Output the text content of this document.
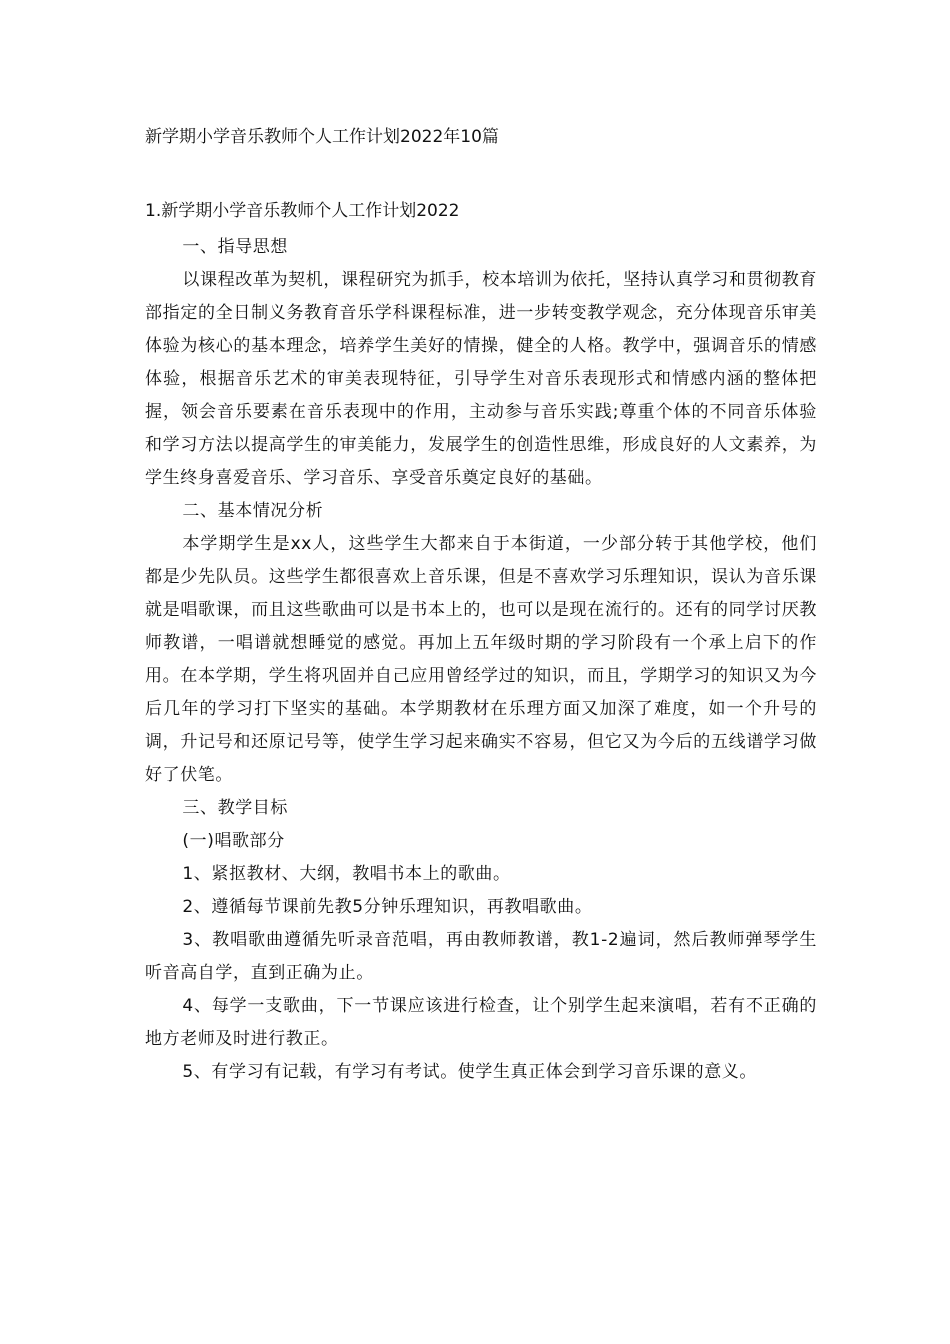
新学期小学音乐教师个人工作计划2022年10篇
1.新学期小学音乐教师个人工作计划2022

一、指导思想

以课程改革为契机，课程研究为抓手，校本培训为依托，坚持认真学习和贯彻教育部指定的全日制义务教育音乐学科课程标准，进一步转变教学观念，充分体现音乐审美体验为核心的基本理念，培养学生美好的情操，健全的人格。教学中，强调音乐的情感体验，根据音乐艺术的审美表现特征，引导学生对音乐表现形式和情感内涵的整体把握，领会音乐要素在音乐表现中的作用，主动参与音乐实践;尊重个体的不同音乐体验和学习方法以提高学生的审美能力，发展学生的创造性思维，形成良好的人文素养，为学生终身喜爱音乐、学习音乐、享受音乐奠定良好的基础。

二、基本情况分析

本学期学生是xx人，这些学生大都来自于本街道，一少部分转于其他学校，他们都是少先队员。这些学生都很喜欢上音乐课，但是不喜欢学习乐理知识，误认为音乐课就是唱歌课，而且这些歌曲可以是书本上的，也可以是现在流行的。还有的同学讨厌教师教谱，一唱谱就想睡觉的感觉。再加上五年级时期的学习阶段有一个承上启下的作用。在本学期，学生将巩固并自己应用曾经学过的知识，而且，学期学习的知识又为今后几年的学习打下坚实的基础。本学期教材在乐理方面又加深了难度，如一个升号的调，升记号和还原记号等，使学生学习起来确实不容易，但它又为今后的五线谱学习做好了伏笔。

三、教学目标

(一)唱歌部分

1、紧抠教材、大纲，教唱书本上的歌曲。

2、遵循每节课前先教5分钟乐理知识，再教唱歌曲。

3、教唱歌曲遵循先听录音范唱，再由教师教谱，教1-2遍词，然后教师弹琴学生听音高自学，直到正确为止。

4、每学一支歌曲，下一节课应该进行检查，让个别学生起来演唱，若有不正确的地方老师及时进行教正。

5、有学习有记载，有学习有考试。使学生真正体会到学习音乐课的意义。
